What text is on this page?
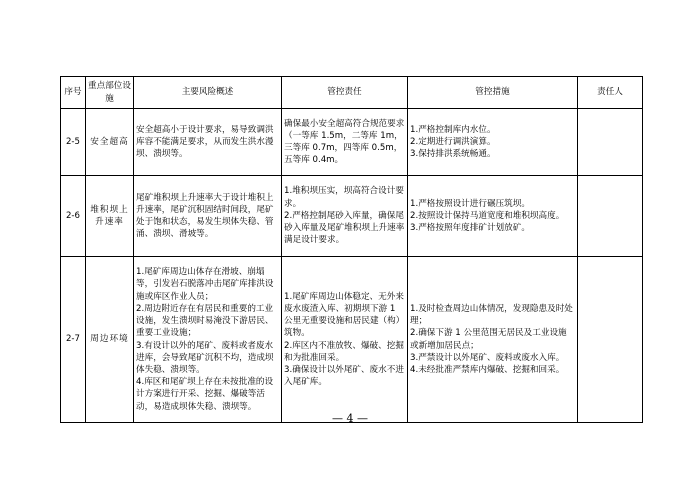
序号	重点部位设施	主要风险概述	管控责任	管控措施	责任人
2-5	安全超高	安全超高小于设计要求，易导致调洪库容不能满足要求，从而发生洪水漫坝、溃坝等。	确保最小安全超高符合规范要求（一等库 1.5m，二等库 1m，三等库 0.7m，四等库 0.5m，五等库 0.4m。	1.严格控制库内水位。
2.定期进行调洪演算。
3.保持排洪系统畅通。	

2-6	堆积坝上升速率	尾矿堆积坝上升速率大于设计堆积上升速率，尾矿沉积固结时间段，尾矿处于饱和状态，易发生坝体失稳、管涌、溃坝、滑坡等。	1.堆积坝压实，坝高符合设计要求。
2.严格控制尾砂入库量，确保尾砂入库量及尾矿堆积坝上升速率满足设计要求。	1.严格按照设计进行碾压筑坝。
2.按照设计保持马道宽度和堆积坝高度。
3.严格按照年度排矿计划放矿。	

2-7	周边环境	1.尾矿库周边山体存在滑坡、崩塌等，引发岩石脱落冲击尾矿库排洪设施或库区作业人员；
2.周边附近存在有居民和重要的工业设施，发生溃坝时易淹没下游居民、重要工业设施；
3.有设计以外的尾矿、废料或者废水进库，会导致尾矿沉积不均，造成坝体失稳、溃坝等。
4.库区和尾矿坝上存在未按批准的设计方案进行开采、挖掘、爆破等活动，易造成坝体失稳、溃坝等。	1.尾矿库周边山体稳定、无外来废水废渣入库、初期坝下游 1 公里无重要设施和居民建（构）筑物。
2.库区内不准放牧、爆破、挖掘和为批准回采。
3.确保设计以外尾矿、废水不进入尾矿库。	1.及时检查周边山体情况，发现隐患及时处理；
2.确保下游 1 公里范围无居民及工业设施或新增加居民点；
3.严禁设计以外尾矿、废料或废水入库。
4.未经批准严禁库内爆破、挖掘和回采。	

— 4 —
